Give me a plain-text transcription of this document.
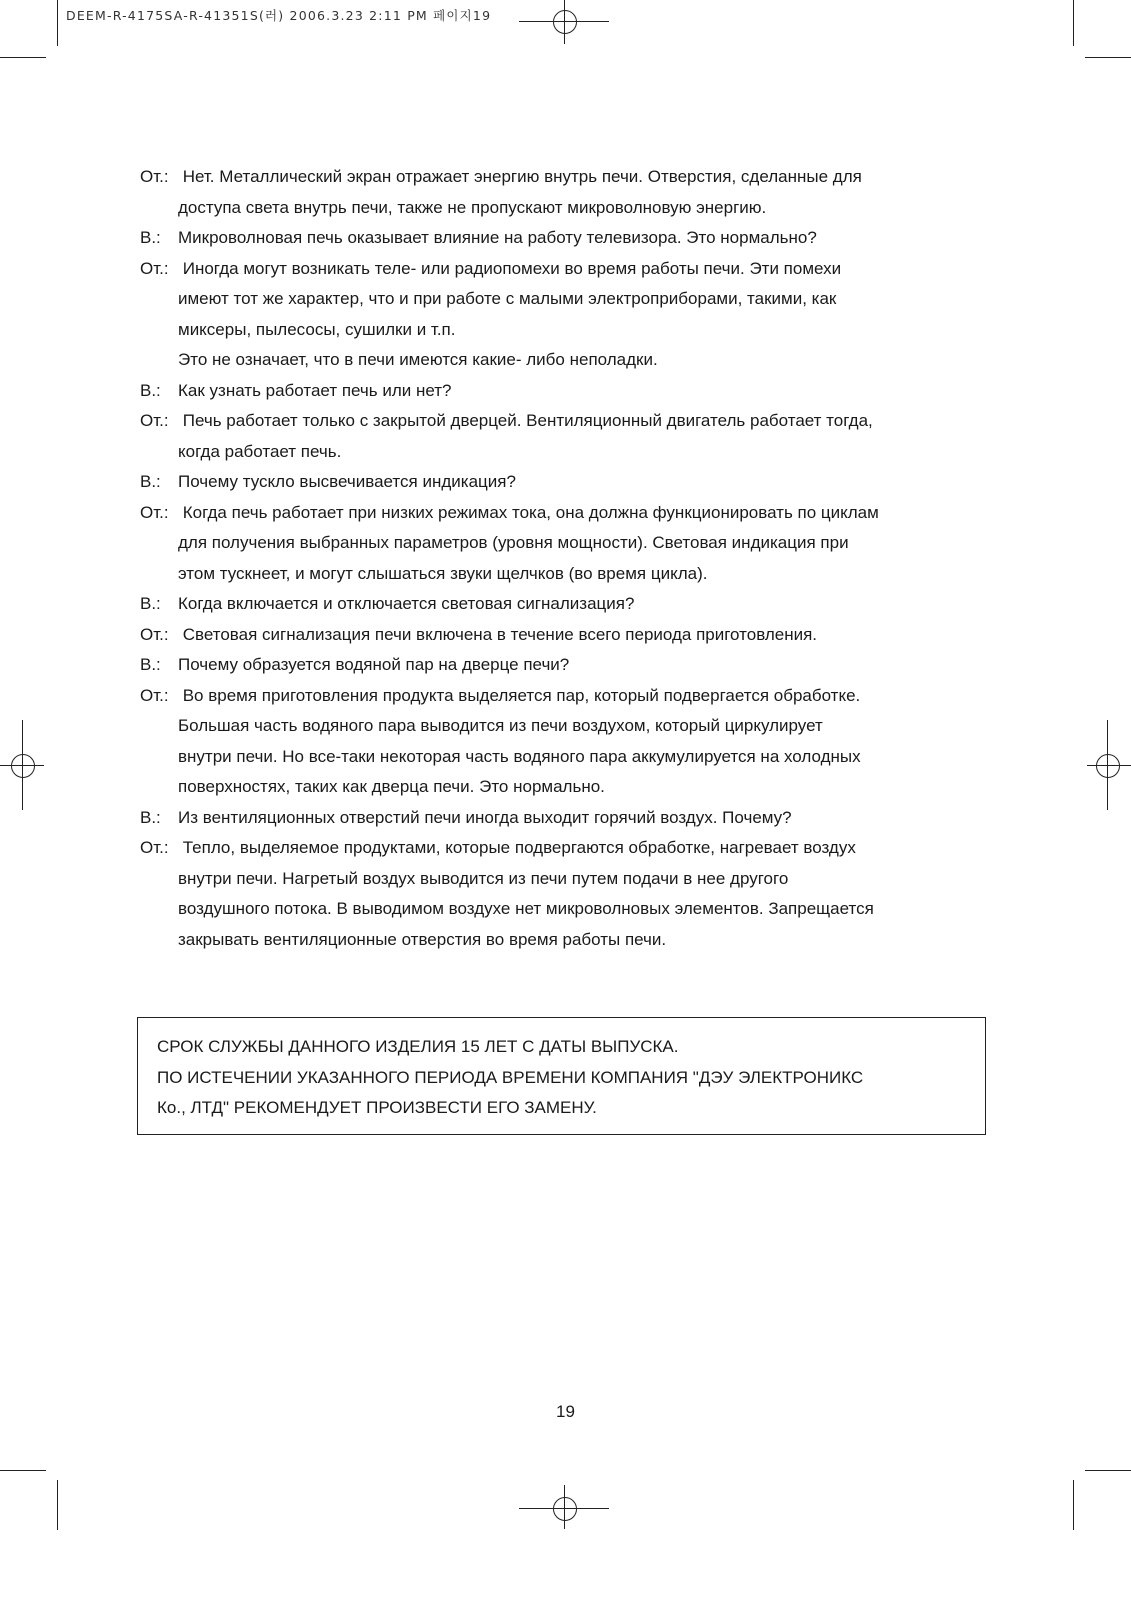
DEEM-R-4175SA-R-41351S(러) 2006.3.23 2:11 PM 페이지19
От.: Нет. Металлический экран отражает энергию внутрь печи. Отверстия, сделанные для
доступа света внутрь печи, также не пропускают микроволновую энергию.
В.:	Микроволновая печь оказывает влияние на работу телевизора. Это нормально?
От.: Иногда могут возникать теле- или радиопомехи во время работы печи. Эти помехи
имеют тот же характер, что и при работе с малыми электроприборами, такими, как
миксеры, пылесосы, сушилки и т.п.
Это не означает, что в печи имеются какие- либо неполадки.
В.:	Как узнать работает печь или нет?
От.: Печь работает только с закрытой дверцей. Вентиляционный двигатель работает тогда,
когда работает печь.
В.:	Почему тускло высвечивается индикация?
От.: Когда печь работает при низких режимах тока, она должна функционировать по циклам
для получения выбранных параметров (уровня мощности). Световая индикация при
этом тускнеет, и могут слышаться звуки щелчков (во время цикла).
В.:	Когда включается и отключается световая сигнализация?
От.: Световая сигнализация печи включена в течение всего периода приготовления.
В.:	Почему образуется водяной пар на дверце печи?
От.: Во время приготовления продукта выделяется пар, который подвергается обработке.
Большая часть водяного пара выводится из печи воздухом, который циркулирует
внутри печи. Но все-таки некоторая часть водяного пара аккумулируется на холодных
поверхностях, таких как дверца печи. Это нормально.
В.:	Из вентиляционных отверстий печи иногда выходит горячий воздух. Почему?
От.: Тепло, выделяемое продуктами, которые подвергаются обработке, нагревает воздух
внутри печи. Нагретый воздух выводится из печи путем подачи в нее другого
воздушного потока. В выводимом воздухе нет микроволновых элементов. Запрещается
закрывать вентиляционные отверстия во время работы печи.
СРОК СЛУЖБЫ ДАННОГО ИЗДЕЛИЯ 15 ЛЕТ С ДАТЫ ВЫПУСКА.
ПО ИСТЕЧЕНИИ УКАЗАННОГО ПЕРИОДА ВРЕМЕНИ КОМПАНИЯ "ДЭУ ЭЛЕКТРОНИКС
Ко., ЛТД" РЕКОМЕНДУЕТ ПРОИЗВЕСТИ ЕГО ЗАМЕНУ.
19
